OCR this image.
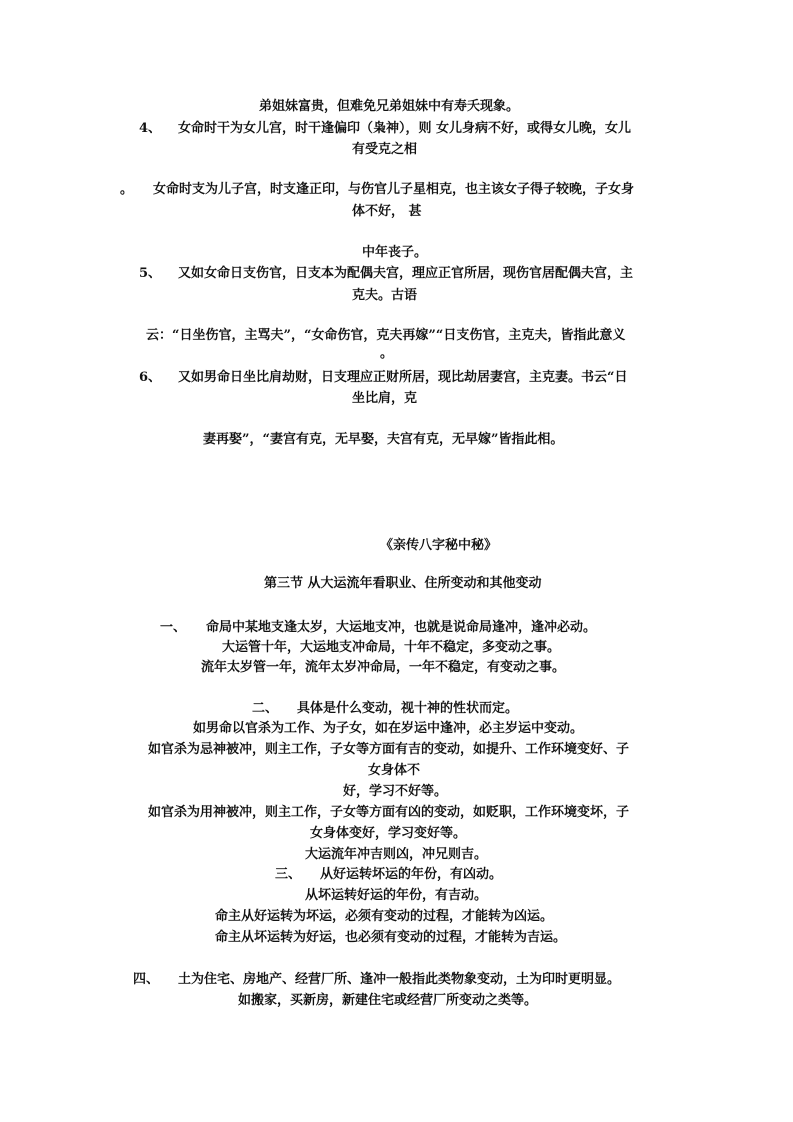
弟姐妹富贵，但难免兄弟姐妹中有寿夭现象。
4、 女命时干为女儿宫，时干逢偏印（枭神），则 女儿身病不好，或得女儿晚，女儿
有受克之相
。 女命时支为儿子宫，时支逢正印，与伤官儿子星相克，也主该女子得子较晚，子女身
体不好， 甚
中年丧子。
5、 又如女命日支伤官，日支本为配偶夫宫，理应正官所居，现伤官居配偶夫宫，主
克夫。古语
云：“日坐伤官，主骂夫”，“女命伤官，克夫再嫁”“日支伤官，主克夫，皆指此意义
。
6、 又如男命日坐比肩劫财，日支理应正财所居，现比劫居妻宫，主克妻。书云“日
坐比肩，克
妻再娶”，“妻宫有克，无早娶，夫宫有克，无早嫁”皆指此相。
《亲传八字秘中秘》
第三节 从大运流年看职业、住所变动和其他变动
一、 命局中某地支逢太岁，大运地支冲，也就是说命局逢冲，逢冲必动。
大运管十年，大运地支冲命局，十年不稳定，多变动之事。
流年太岁管一年，流年太岁冲命局，一年不稳定，有变动之事。
二、 具体是什么变动，视十神的性状而定。
如男命以官杀为工作、为子女，如在岁运中逢冲，必主岁运中变动。
如官杀为忌神被冲，则主工作，子女等方面有吉的变动，如提升、工作环境变好、子
女身体不
好，学习不好等。
如官杀为用神被冲，则主工作，子女等方面有凶的变动，如贬职，工作环境变坏，子
女身体变好，学习变好等。
大运流年冲吉则凶，冲兄则吉。
三、 从好运转坏运的年份，有凶动。
从坏运转好运的年份，有吉动。
命主从好运转为坏运，必须有变动的过程，才能转为凶运。
命主从坏运转为好运，也必须有变动的过程，才能转为吉运。
四、 土为住宅、房地产、经营厂所、逢冲一般指此类物象变动，土为印时更明显。
如搬家，买新房，新建住宅或经营厂所变动之类等。
